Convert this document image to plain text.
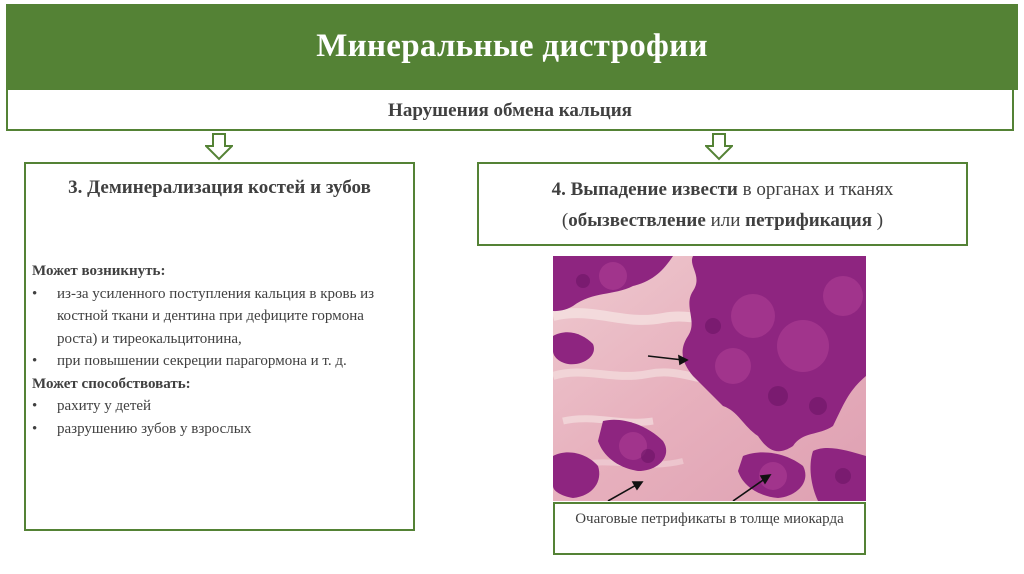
Минеральные дистрофии
Нарушения обмена кальция
3. Деминерализация костей и зубов
Может возникнуть:
• из-за усиленного поступления кальция в кровь из костной ткани и дентина при дефиците гормона роста) и тиреокальцитонина,
• при повышении секреции парагормона и т. д.
Может способствовать:
• рахиту у детей
• разрушению зубов у взрослых
4. Выпадение извести в органах и тканях (обызвествление или петрификация )
Очаговые петрификаты в толще миокарда
